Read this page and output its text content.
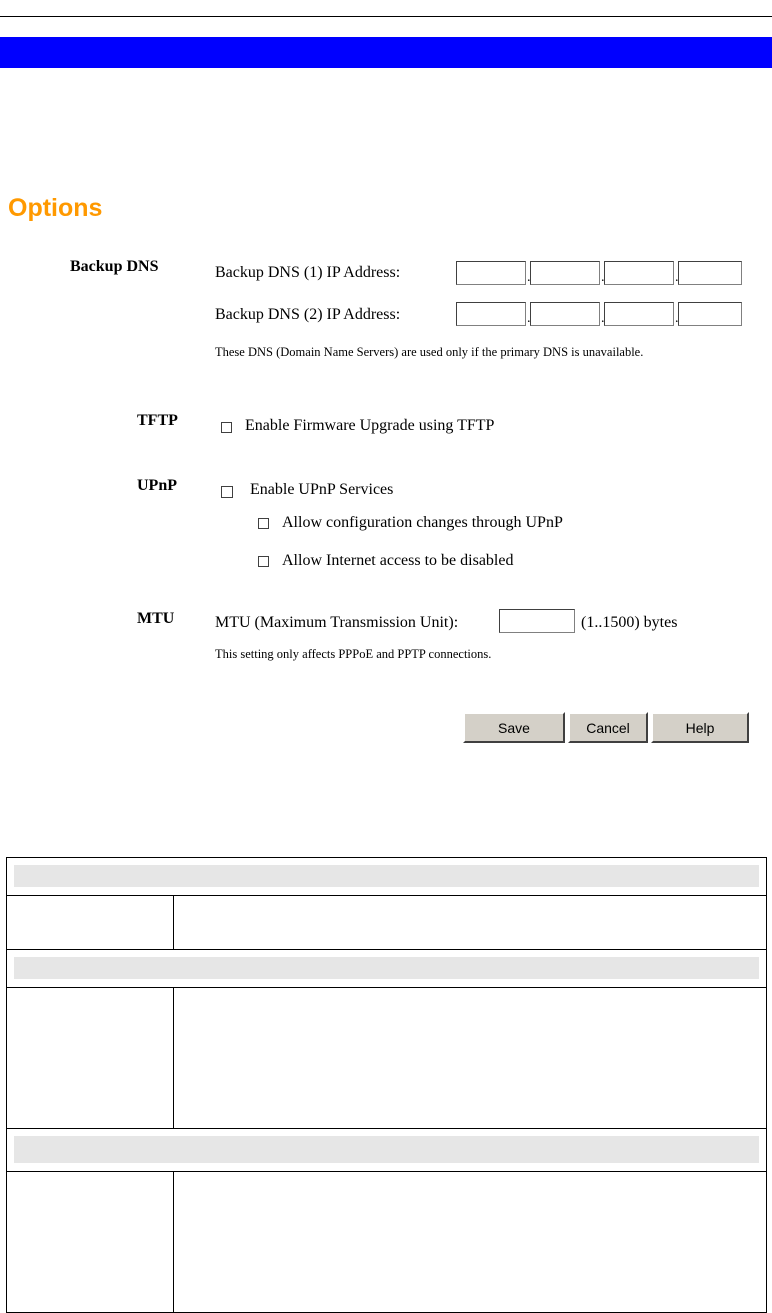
Options
Backup DNS	Backup DNS (1) IP Address:	.	.	.
Backup DNS (2) IP Address:	.	.	.
These DNS (Domain Name Servers) are used only if the primary DNS is unavailable.
TFTP	Enable Firmware Upgrade using TFTP
UPnP	Enable UPnP Services
Allow configuration changes through UPnP
Allow Internet access to be disabled
MTU	MTU (Maximum Transmission Unit):	(1..1500) bytes
This setting only affects PPPoE and PPTP connections.
Save	Cancel	Help
